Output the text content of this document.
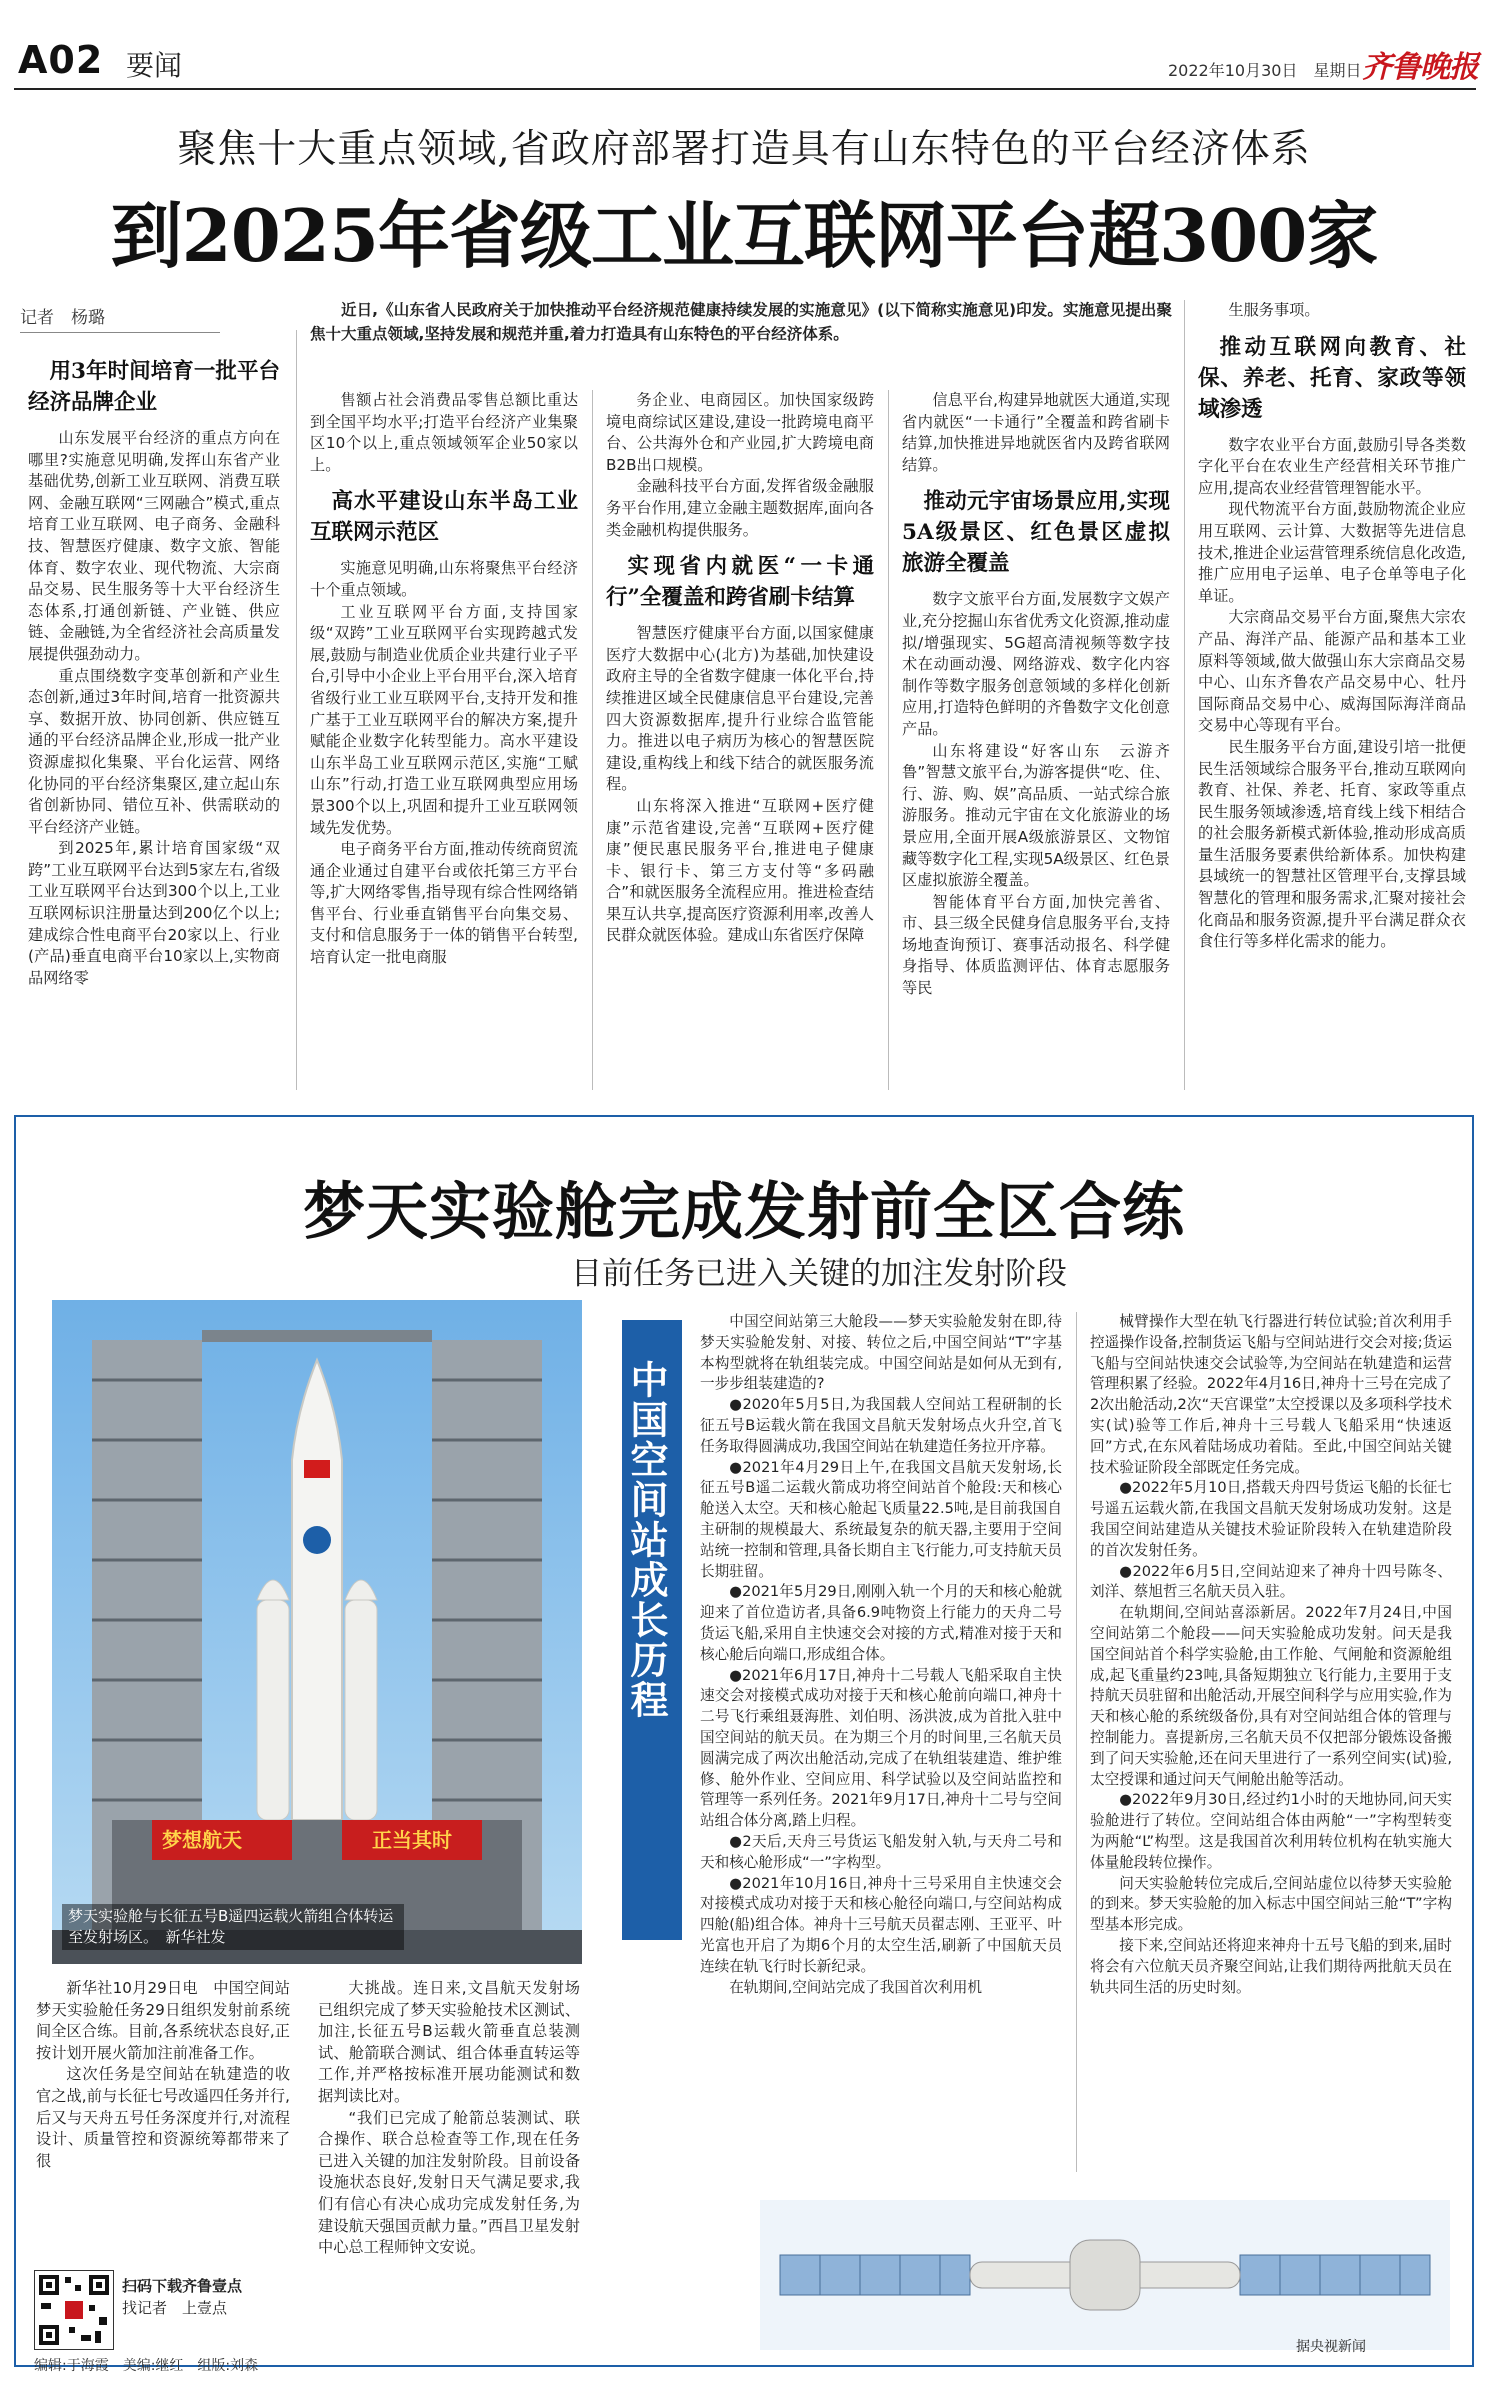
A02 要闻	2022年10月30日　星期日 齐鲁晚报
聚焦十大重点领域,省政府部署打造具有山东特色的平台经济体系
到2025年省级工业互联网平台超300家
记者　杨璐	近日,《山东省人民政府关于加快推动平台经济规范健康持续发展的实施意见》(以下简称实施意见)印发。实施意见提出聚焦十大重点领域,坚持发展和规范并重,着力打造具有山东特色的平台经济体系。
用3年时间培育一批平台经济品牌企业

山东发展平台经济的重点方向在哪里?实施意见明确,发挥山东省产业基础优势,创新工业互联网、消费互联网、金融互联网“三网融合”模式,重点培育工业互联网、电子商务、金融科技、智慧医疗健康、数字文旅、智能体育、数字农业、现代物流、大宗商品交易、民生服务等十大平台经济生态体系,打通创新链、产业链、供应链、金融链,为全省经济社会高质量发展提供强劲动力。

重点围绕数字变革创新和产业生态创新,通过3年时间,培育一批资源共享、数据开放、协同创新、供应链互通的平台经济品牌企业,形成一批产业资源虚拟化集聚、平台化运营、网络化协同的平台经济集聚区,建立起山东省创新协同、错位互补、供需联动的平台经济产业链。

到2025年,累计培育国家级“双跨”工业互联网平台达到5家左右,省级工业互联网平台达到300个以上,工业互联网标识注册量达到200亿个以上;建成综合性电商平台20家以上、行业(产品)垂直电商平台10家以上,实物商品网络零

售额占社会消费品零售总额比重达到全国平均水平;打造平台经济产业集聚区10个以上,重点领域领军企业50家以上。

高水平建设山东半岛工业互联网示范区

实施意见明确,山东将聚焦平台经济十个重点领域。

工业互联网平台方面,支持国家级“双跨”工业互联网平台实现跨越式发展,鼓励与制造业优质企业共建行业子平台,引导中小企业上平台用平台,深入培育省级行业工业互联网平台,支持开发和推广基于工业互联网平台的解决方案,提升赋能企业数字化转型能力。高水平建设山东半岛工业互联网示范区,实施“工赋山东”行动,打造工业互联网典型应用场景300个以上,巩固和提升工业互联网领域先发优势。

电子商务平台方面,推动传统商贸流通企业通过自建平台或依托第三方平台等,扩大网络零售,指导现有综合性网络销售平台、行业垂直销售平台向集交易、支付和信息服务于一体的销售平台转型,培育认定一批电商服

务企业、电商园区。加快国家级跨境电商综试区建设,建设一批跨境电商平台、公共海外仓和产业园,扩大跨境电商B2B出口规模。

金融科技平台方面,发挥省级金融服务平台作用,建立金融主题数据库,面向各类金融机构提供服务。

实现省内就医“一卡通行”全覆盖和跨省刷卡结算

智慧医疗健康平台方面,以国家健康医疗大数据中心(北方)为基础,加快建设政府主导的全省数字健康一体化平台,持续推进区域全民健康信息平台建设,完善四大资源数据库,提升行业综合监管能力。推进以电子病历为核心的智慧医院建设,重构线上和线下结合的就医服务流程。

山东将深入推进“互联网+医疗健康”示范省建设,完善“互联网+医疗健康”便民惠民服务平台,推进电子健康卡、银行卡、第三方支付等“多码融合”和就医服务全流程应用。推进检查结果互认共享,提高医疗资源利用率,改善人民群众就医体验。建成山东省医疗保障

信息平台,构建异地就医大通道,实现省内就医“一卡通行”全覆盖和跨省刷卡结算,加快推进异地就医省内及跨省联网结算。

推动元宇宙场景应用,实现5A级景区、红色景区虚拟旅游全覆盖

数字文旅平台方面,发展数字文娱产业,充分挖掘山东省优秀文化资源,推动虚拟/增强现实、5G超高清视频等数字技术在动画动漫、网络游戏、数字化内容制作等数字服务创意领域的多样化创新应用,打造特色鲜明的齐鲁数字文化创意产品。

山东将建设“好客山东　云游齐鲁”智慧文旅平台,为游客提供“吃、住、行、游、购、娱”高品质、一站式综合旅游服务。推动元宇宙在文化旅游业的场景应用,全面开展A级旅游景区、文物馆藏等数字化工程,实现5A级景区、红色景区虚拟旅游全覆盖。

智能体育平台方面,加快完善省、市、县三级全民健身信息服务平台,支持场地查询预订、赛事活动报名、科学健身指导、体质监测评估、体育志愿服务等民

生服务事项。

推动互联网向教育、社保、养老、托育、家政等领域渗透

数字农业平台方面,鼓励引导各类数字化平台在农业生产经营相关环节推广应用,提高农业经营管理智能水平。

现代物流平台方面,鼓励物流企业应用互联网、云计算、大数据等先进信息技术,推进企业运营管理系统信息化改造,推广应用电子运单、电子仓单等电子化单证。

大宗商品交易平台方面,聚焦大宗农产品、海洋产品、能源产品和基本工业原料等领域,做大做强山东大宗商品交易中心、山东齐鲁农产品交易中心、牡丹国际商品交易中心、威海国际海洋商品交易中心等现有平台。

民生服务平台方面,建设引培一批便民生活领域综合服务平台,推动互联网向教育、社保、养老、托育、家政等重点民生服务领域渗透,培育线上线下相结合的社会服务新模式新体验,推动形成高质量生活服务要素供给新体系。加快构建县域统一的智慧社区管理平台,支撑县域智慧化的管理和服务需求,汇聚对接社会化商品和服务资源,提升平台满足群众衣食住行等多样化需求的能力。

梦天实验舱完成发射前全区合练
目前任务已进入关键的加注发射阶段
梦想航天	正当其时
梦天实验舱与长征五号B遥四运载火箭组合体转运至发射场区。　新华社发

新华社10月29日电　中国空间站梦天实验舱任务29日组织发射前系统间全区合练。目前,各系统状态良好,正按计划开展火箭加注前准备工作。

这次任务是空间站在轨建造的收官之战,前与长征七号改遥四任务并行,后又与天舟五号任务深度并行,对流程设计、质量管控和资源统筹都带来了很

大挑战。连日来,文昌航天发射场已组织完成了梦天实验舱技术区测试、加注,长征五号B运载火箭垂直总装测试、舱箭联合测试、组合体垂直转运等工作,并严格按标准开展功能测试和数据判读比对。

“我们已完成了舱箭总装测试、联合操作、联合总检查等工作,现在任务已进入关键的加注发射阶段。目前设备设施状态良好,发射日天气满足要求,我们有信心有决心成功完成发射任务,为建设航天强国贡献力量。”西昌卫星发射中心总工程师钟文安说。

中国空间站成长历程

中国空间站第三大舱段——梦天实验舱发射在即,待梦天实验舱发射、对接、转位之后,中国空间站“T”字基本构型就将在轨组装完成。中国空间站是如何从无到有,一步步组装建造的?

●2020年5月5日,为我国载人空间站工程研制的长征五号B运载火箭在我国文昌航天发射场点火升空,首飞任务取得圆满成功,我国空间站在轨建造任务拉开序幕。

●2021年4月29日上午,在我国文昌航天发射场,长征五号B遥二运载火箭成功将空间站首个舱段:天和核心舱送入太空。天和核心舱起飞质量22.5吨,是目前我国自主研制的规模最大、系统最复杂的航天器,主要用于空间站统一控制和管理,具备长期自主飞行能力,可支持航天员长期驻留。

●2021年5月29日,刚刚入轨一个月的天和核心舱就迎来了首位造访者,具备6.9吨物资上行能力的天舟二号货运飞船,采用自主快速交会对接的方式,精准对接于天和核心舱后向端口,形成组合体。

●2021年6月17日,神舟十二号载人飞船采取自主快速交会对接模式成功对接于天和核心舱前向端口,神舟十二号飞行乘组聂海胜、刘伯明、汤洪波,成为首批入驻中国空间站的航天员。在为期三个月的时间里,三名航天员圆满完成了两次出舱活动,完成了在轨组装建造、维护维修、舱外作业、空间应用、科学试验以及空间站监控和管理等一系列任务。2021年9月17日,神舟十二号与空间站组合体分离,踏上归程。

●2天后,天舟三号货运飞船发射入轨,与天舟二号和天和核心舱形成“一”字构型。

●2021年10月16日,神舟十三号采用自主快速交会对接模式成功对接于天和核心舱径向端口,与空间站构成四舱(船)组合体。神舟十三号航天员翟志刚、王亚平、叶光富也开启了为期6个月的太空生活,刷新了中国航天员连续在轨飞行时长新纪录。

在轨期间,空间站完成了我国首次利用机

械臂操作大型在轨飞行器进行转位试验;首次利用手控遥操作设备,控制货运飞船与空间站进行交会对接;货运飞船与空间站快速交会试验等,为空间站在轨建造和运营管理积累了经验。2022年4月16日,神舟十三号在完成了2次出舱活动,2次“天宫课堂”太空授课以及多项科学技术实(试)验等工作后,神舟十三号载人飞船采用“快速返回”方式,在东风着陆场成功着陆。至此,中国空间站关键技术验证阶段全部既定任务完成。

●2022年5月10日,搭载天舟四号货运飞船的长征七号遥五运载火箭,在我国文昌航天发射场成功发射。这是我国空间站建造从关键技术验证阶段转入在轨建造阶段的首次发射任务。

●2022年6月5日,空间站迎来了神舟十四号陈冬、刘洋、蔡旭哲三名航天员入驻。

在轨期间,空间站喜添新居。2022年7月24日,中国空间站第二个舱段——问天实验舱成功发射。问天是我国空间站首个科学实验舱,由工作舱、气闸舱和资源舱组成,起飞重量约23吨,具备短期独立飞行能力,主要用于支持航天员驻留和出舱活动,开展空间科学与应用实验,作为天和核心舱的系统级备份,具有对空间站组合体的管理与控制能力。喜提新房,三名航天员不仅把部分锻炼设备搬到了问天实验舱,还在问天里进行了一系列空间实(试)验,太空授课和通过问天气闸舱出舱等活动。

●2022年9月30日,经过约1小时的天地协同,问天实验舱进行了转位。空间站组合体由两舱“一”字构型转变为两舱“L”构型。这是我国首次利用转位机构在轨实施大体量舱段转位操作。

问天实验舱转位完成后,空间站虚位以待梦天实验舱的到来。梦天实验舱的加入标志中国空间站三舱“T”字构型基本形完成。

接下来,空间站还将迎来神舟十五号飞船的到来,届时将会有六位航天员齐聚空间站,让我们期待两批航天员在轨共同生活的历史时刻。

据央视新闻
扫码下载齐鲁壹点
找记者　上壹点
编辑:于海霞　美编:继红　组版:刘森
